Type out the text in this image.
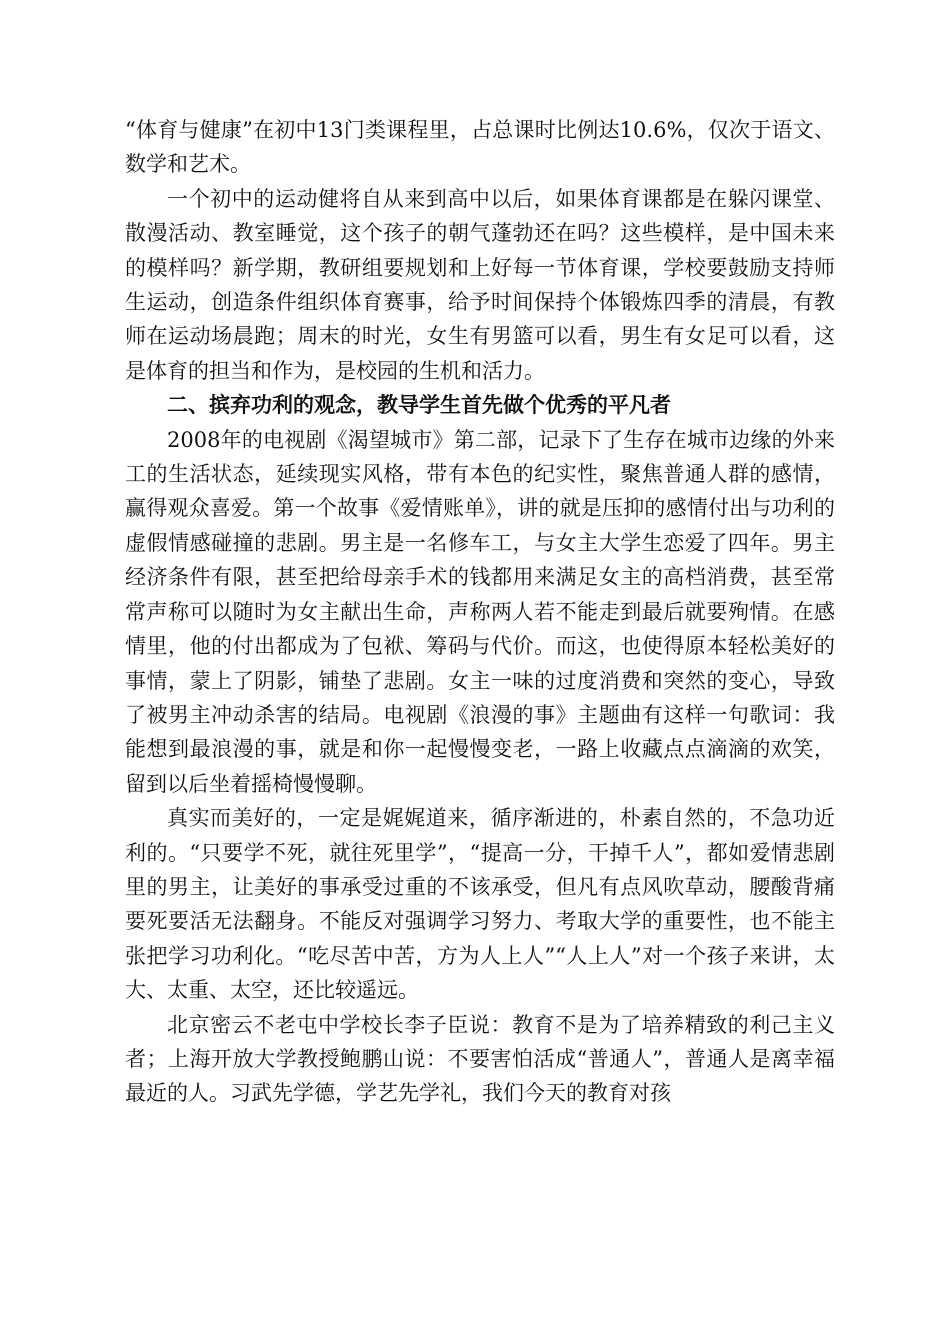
“体育与健康”在初中13门类课程里，占总课时比例达10.6%，仅次于语文、数学和艺术。

一个初中的运动健将自从来到高中以后，如果体育课都是在躲闪课堂、散漫活动、教室睡觉，这个孩子的朝气蓬勃还在吗？这些模样，是中国未来的模样吗？新学期，教研组要规划和上好每一节体育课，学校要鼓励支持师生运动，创造条件组织体育赛事，给予时间保持个体锻炼四季的清晨，有教师在运动场晨跑；周末的时光，女生有男篮可以看，男生有女足可以看，这是体育的担当和作为，是校园的生机和活力。

二、摈弃功利的观念，教导学生首先做个优秀的平凡者

2008年的电视剧《渴望城市》第二部，记录下了生存在城市边缘的外来工的生活状态，延续现实风格，带有本色的纪实性，聚焦普通人群的感情，赢得观众喜爱。第一个故事《爱情账单》，讲的就是压抑的感情付出与功利的虚假情感碰撞的悲剧。男主是一名修车工，与女主大学生恋爱了四年。男主经济条件有限，甚至把给母亲手术的钱都用来满足女主的高档消费，甚至常常声称可以随时为女主献出生命，声称两人若不能走到最后就要殉情。在感情里，他的付出都成为了包袱、筹码与代价。而这，也使得原本轻松美好的事情，蒙上了阴影，铺垫了悲剧。女主一味的过度消费和突然的变心，导致了被男主冲动杀害的结局。电视剧《浪漫的事》主题曲有这样一句歌词：我能想到最浪漫的事，就是和你一起慢慢变老，一路上收藏点点滴滴的欢笑，留到以后坐着摇椅慢慢聊。

真实而美好的，一定是娓娓道来，循序渐进的，朴素自然的，不急功近利的。“只要学不死，就往死里学”，“提高一分，干掉千人”，都如爱情悲剧里的男主，让美好的事承受过重的不该承受，但凡有点风吹草动，腰酸背痛要死要活无法翻身。不能反对强调学习努力、考取大学的重要性，也不能主张把学习功利化。“吃尽苦中苦，方为人上人”“人上人”对一个孩子来讲，太大、太重、太空，还比较遥远。

北京密云不老屯中学校长李子臣说：教育不是为了培养精致的利己主义者；上海开放大学教授鲍鹏山说：不要害怕活成“普通人”，普通人是离幸福最近的人。习武先学德，学艺先学礼，我们今天的教育对孩
